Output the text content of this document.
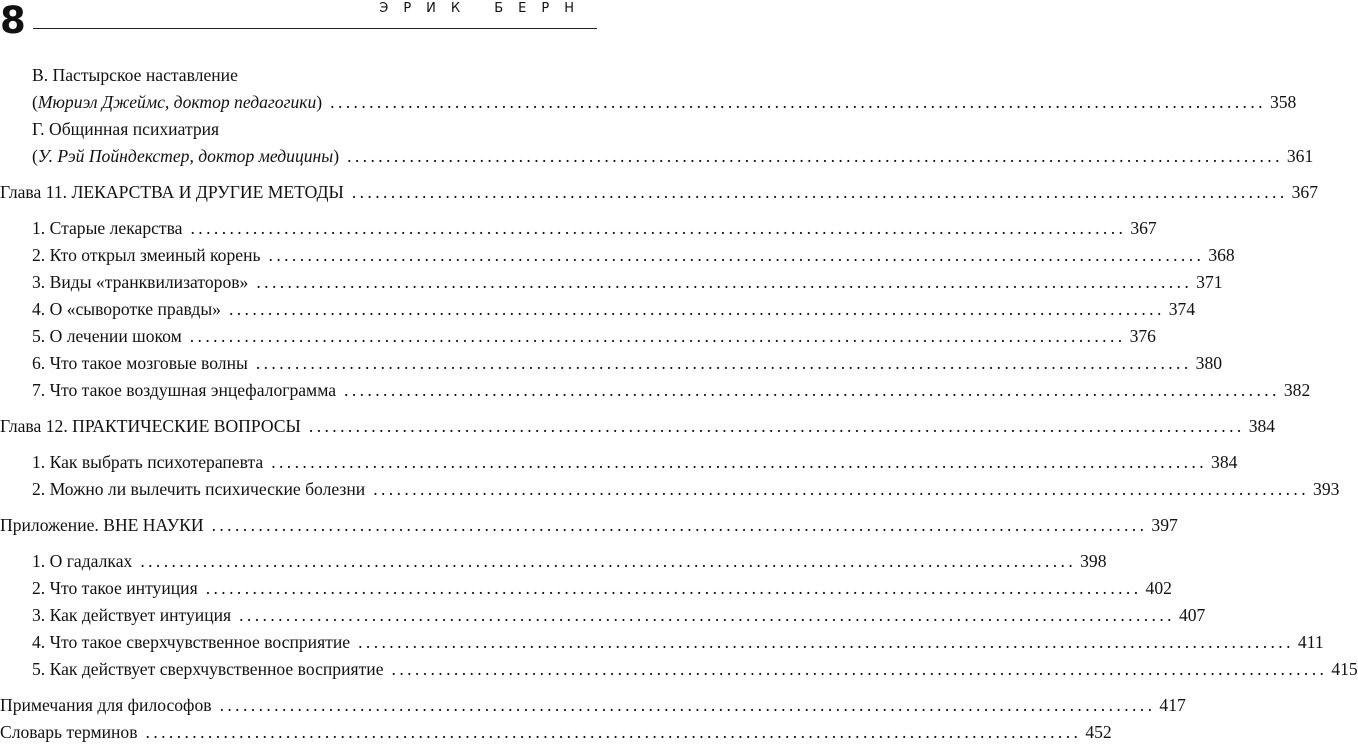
8	ЭРИК БЕРН
В. Пастырское наставление
(Мюриэл Джеймс, доктор педагогики) ........................................................................................................................ 358
Г. Общинная психиатрия
(У. Рэй Пойндекстер, доктор медицины) ........................................................................................................................ 361
Глава 11. ЛЕКАРСТВА И ДРУГИЕ МЕТОДЫ ........................................................................................................................ 367
1. Старые лекарства ........................................................................................................................ 367
2. Кто открыл змеиный корень ........................................................................................................................ 368
3. Виды «транквилизаторов» ........................................................................................................................ 371
4. О «сыворотке правды» ........................................................................................................................ 374
5. О лечении шоком ........................................................................................................................ 376
6. Что такое мозговые волны ........................................................................................................................ 380
7. Что такое воздушная энцефалограмма ........................................................................................................................ 382
Глава 12. ПРАКТИЧЕСКИЕ ВОПРОСЫ ........................................................................................................................ 384
1. Как выбрать психотерапевта ........................................................................................................................ 384
2. Можно ли вылечить психические болезни ........................................................................................................................ 393
Приложение. ВНЕ НАУКИ ........................................................................................................................ 397
1. О гадалках ........................................................................................................................ 398
2. Что такое интуиция ........................................................................................................................ 402
3. Как действует интуиция ........................................................................................................................ 407
4. Что такое сверхчувственное восприятие ........................................................................................................................ 411
5. Как действует сверхчувственное восприятие ........................................................................................................................ 415
Примечания для философов ........................................................................................................................ 417
Словарь терминов ........................................................................................................................ 452
